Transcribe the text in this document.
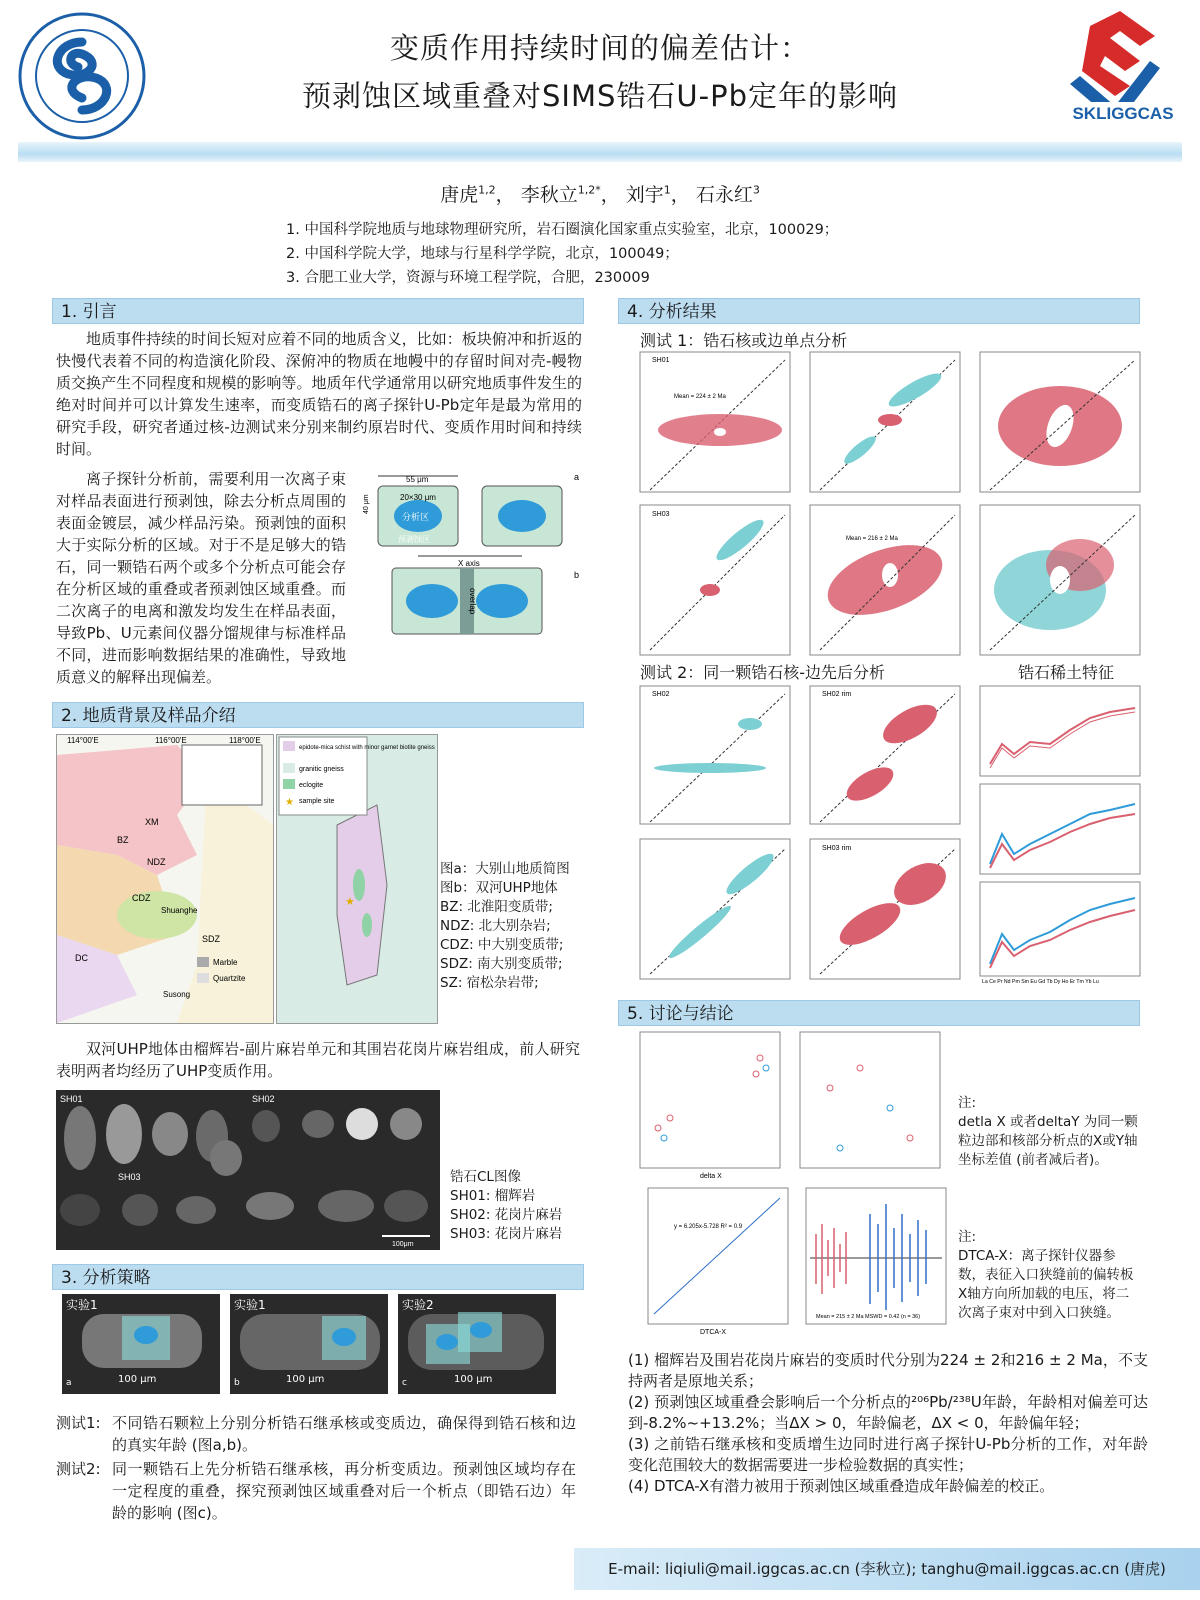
变质作用持续时间的偏差估计：
预剥蚀区域重叠对SIMS锆石U-Pb定年的影响
SKLIGGCAS
唐虎$^{1,2}$， 李秋立$^{1,2*}$， 刘宇$^1$， 石永红$^3$
1. 中国科学院地质与地球物理研究所，岩石圈演化国家重点实验室，北京，100029；
2. 中国科学院大学，地球与行星科学学院，北京，100049；
3. 合肥工业大学，资源与环境工程学院，合肥，230009
1. 引言
地质事件持续的时间长短对应着不同的地质含义，比如：板块俯冲和折返的快慢代表着不同的构造演化阶段、深俯冲的物质在地幔中的存留时间对壳-幔物质交换产生不同程度和规模的影响等。地质年代学通常用以研究地质事件发生的绝对时间并可以计算发生速率，而变质锆石的离子探针U-Pb定年是最为常用的研究手段，研究者通过核-边测试来分别来制约原岩时代、变质作用时间和持续时间。
离子探针分析前，需要利用一次离子束对样品表面进行预剥蚀，除去分析点周围的表面金镀层，减少样品污染。预剥蚀的面积大于实际分析的区域。对于不是足够大的锆石，同一颗锆石两个或多个分析点可能会存在分析区域的重叠或者预剥蚀区域重叠。而二次离子的电离和激发均发生在样品表面，导致Pb、U元素间仪器分馏规律与标准样品不同，进而影响数据结果的准确性，导致地质意义的解释出现偏差。
55 μm	a
20×30 μm
分析区
预剥蚀区
40 μm
X axis
b
overlap
2. 地质背景及样品介绍
114°00'E	116°00'E	118°00'E
XM
BZ
NDZ
CDZ
SDZ
DC
Shuanghe
Susong
Marble
Quartzite
epidote-mica schist with minor garnet biotite gneiss
granitic gneiss
eclogite
★ sample site
★
图a：大别山地质简图
图b：双河UHP地体
BZ: 北淮阳变质带;
NDZ: 北大别杂岩;
CDZ: 中大别变质带;
SDZ: 南大别变质带;
SZ: 宿松杂岩带;
双河UHP地体由榴辉岩-副片麻岩单元和其围岩花岗片麻岩组成，前人研究表明两者均经历了UHP变质作用。
SH01	SH02
SH03
100μm
锆石CL图像
SH01: 榴辉岩
SH02: 花岗片麻岩
SH03: 花岗片麻岩
3. 分析策略
实验1
a	100 μm
实验1
b	100 μm
实验2
c	100 μm
测试1: 不同锆石颗粒上分别分析锆石继承核或变质边，确保得到锆石核和边的真实年龄 (图a,b)。
测试2: 同一颗锆石上先分析锆石继承核，再分析变质边。预剥蚀区域均存在一定程度的重叠，探究预剥蚀区域重叠对后一个析点（即锆石边）年龄的影响 (图c)。
4. 分析结果
测试 1：锆石核或边单点分析
SH01
Mean = 224 ± 2 Ma
SH03
Mean = 216 ± 2 Ma
测试 2：同一颗锆石核-边先后分析	锆石稀土特征
SH02	SH02 rim
La Ce Pr Nd Pm Sm Eu Gd Tb Dy Ho Er Tm Yb Lu
SH03 rim
5. 讨论与结论
delta X
注:
detla X 或者deltaY 为同一颗粒边部和核部分析点的X或Y轴坐标差值 (前者减后者)。
y = 6.205x-5.728 R² = 0.9
DTCA-X
Mean = 215 ± 2 Ma MSWD = 0.42 (n = 36)
注:
DTCA-X：离子探针仪器参数，表征入口狭缝前的偏转板X轴方向所加载的电压，将二次离子束对中到入口狭缝。
(1) 榴辉岩及围岩花岗片麻岩的变质时代分别为224 ± 2和216 ± 2 Ma，不支持两者是原地关系；
(2) 预剥蚀区域重叠会影响后一个分析点的²⁰⁶Pb/²³⁸U年龄，年龄相对偏差可达到-8.2%~+13.2%；当ΔX > 0，年龄偏老，ΔX < 0，年龄偏年轻；
(3) 之前锆石继承核和变质增生边同时进行离子探针U-Pb分析的工作，对年龄变化范围较大的数据需要进一步检验数据的真实性；
(4) DTCA-X有潜力被用于预剥蚀区域重叠造成年龄偏差的校正。
E-mail: liqiuli@mail.iggcas.ac.cn (李秋立); tanghu@mail.iggcas.ac.cn (唐虎)
